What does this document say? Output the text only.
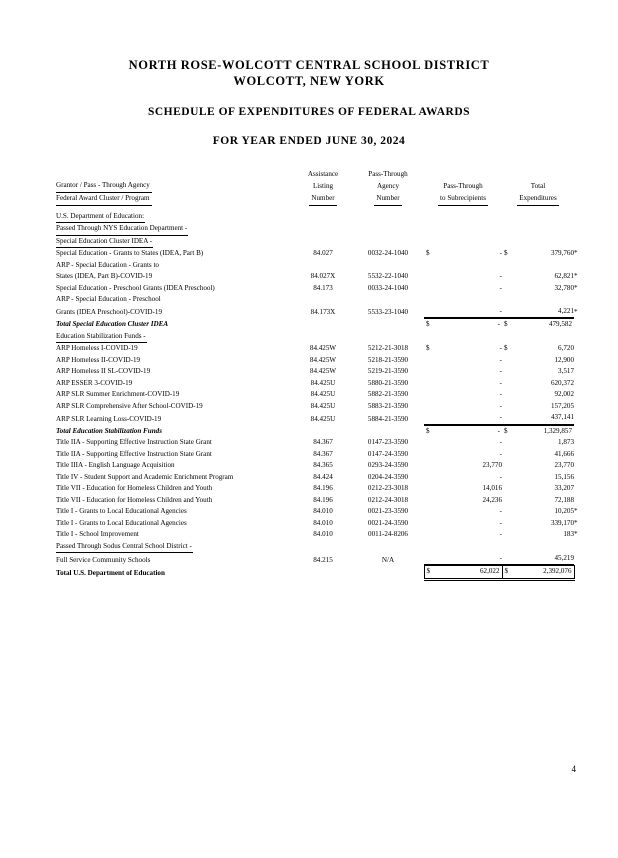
NORTH ROSE-WOLCOTT CENTRAL SCHOOL DISTRICT
WOLCOTT, NEW YORK
SCHEDULE OF EXPENDITURES OF FEDERAL AWARDS
FOR YEAR ENDED JUNE 30, 2024
	Assistance	Pass-Through			
Grantor / Pass - Through Agency	Listing	Agency	Pass-Through	Total	
Federal Award Cluster / Program	Number	Number	to Subrecipients	Expenditures	

U.S. Department of Education:					
Passed Through NYS Education Department -					
Special Education Cluster IDEA -					
Special Education - Grants to States (IDEA, Part B)	84.027	0032-24-1040	$ -	$ 379,760	*
ARP - Special Education - Grants to			

States (IDEA, Part B)-COVID-19	84.027X	5532-22-1040	-	62,821	*
Special Education - Preschool Grants (IDEA Preschool)	84.173	0033-24-1040	-	32,780	*
ARP - Special Education - Preschool			

Grants (IDEA Preschool)-COVID-19	84.173X	5533-23-1040	-	4,221	*
Total Special Education Cluster IDEA			$ -	$ 479,582	

Education Stabilization Funds -					
ARP Homeless I-COVID-19	84.425W	5212-21-3018	$ -	$ 6,720	

ARP Homeless II-COVID-19	84.425W	5218-21-3590	-	12,900	

ARP Homeless II SL-COVID-19	84.425W	5219-21-3590	-	3,517	

ARP ESSER 3-COVID-19	84.425U	5880-21-3590	-	620,372	

ARP SLR Summer Enrichment-COVID-19	84.425U	5882-21-3590	-	92,002	

ARP SLR Comprehensive After School-COVID-19	84.425U	5883-21-3590	-	157,205	

ARP SLR Learning Loss-COVID-19	84.425U	5884-21-3590	-	437,141	

Total Education Stabilization Funds			$ -	$ 1,329,857	

Title IIA - Supporting Effective Instruction State Grant	84.367	0147-23-3590	-	1,873	

Title IIA - Supporting Effective Instruction State Grant	84.367	0147-24-3590	-	41,666	

Title IIIA - English Language Acquisition	84.365	0293-24-3590	23,770	23,770	

Title IV - Student Support and Academic Enrichment Program	84.424	0204-24-3590	-	15,156	

Title VII - Education for Homeless Children and Youth	84.196	0212-23-3018	14,016	33,207	

Title VII - Education for Homeless Children and Youth	84.196	0212-24-3018	24,236	72,188	

Title I - Grants to Local Educational Agencies	84.010	0021-23-3590	-	10,205	*
Title I - Grants to Local Educational Agencies	84.010	0021-24-3590	-	339,170	*
Title I - School Improvement	84.010	0011-24-8206	-	183	*
Passed Through Sodus Central School District -					
Full Service Community Schools	84.215	N/A	-	45,219	

Total U.S. Department of Education			$ 62,022	$ 2,392,076	

4
